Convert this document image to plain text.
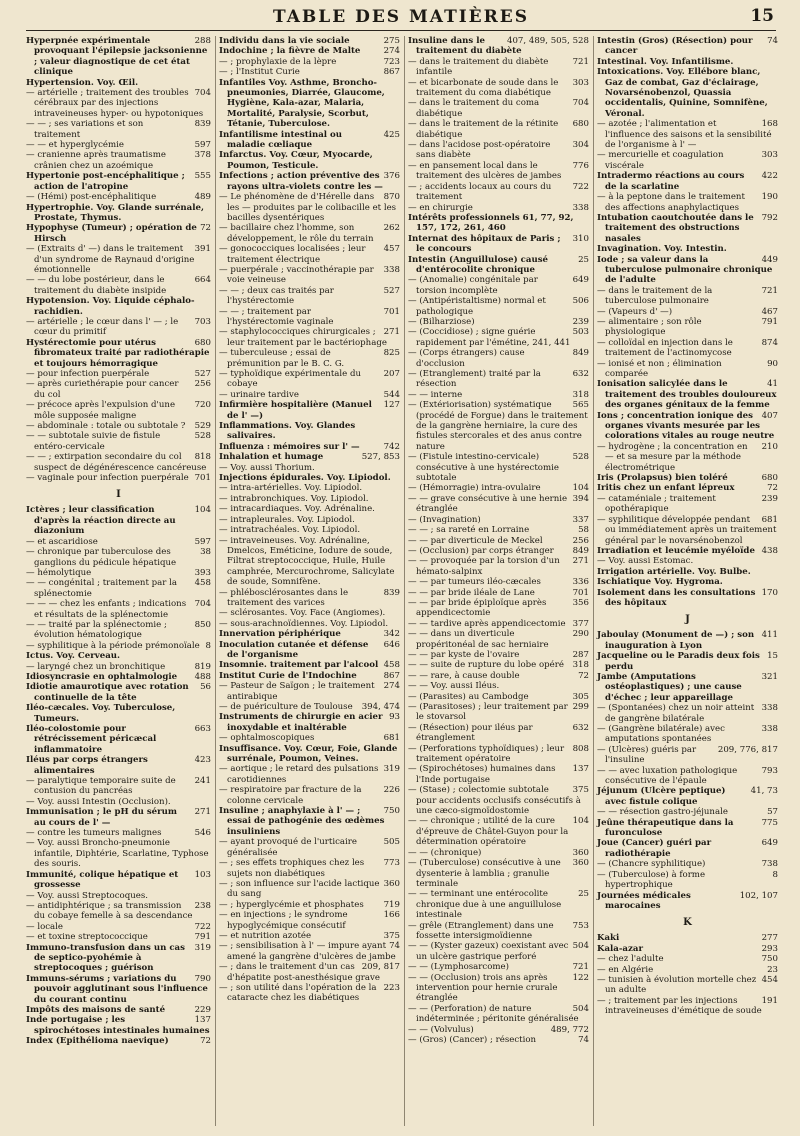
TABLE DES MATIÈRES	15

288
Hyperpnée expérimentale provoquant l'épilepsie jacksonienne ; valeur diagnostique de cet état clinique

Hypertension. Voy. Œil.

704
— artérielle ; traitement des troubles cérébraux par des injections intraveineuses hyper- ou hypotoniques

839
— — ; ses variations et son traitement

597
— — et hyperglycémie

378
— cranienne après traumatisme crânien chez un azoémique

555
Hypertonie post-encéphalitique ; action de l'atropine

489
— (Hémi) post-encéphalitique

Hypertrophie. Voy. Glande surrénale, Prostate, Thymus.

72
Hypophyse (Tumeur) ; opération de Hirsch

391
— (Extraits d' —) dans le traitement d'un syndrome de Raynaud d'origine émotionnelle

664
— — du lobe postérieur, dans le traitement du diabète insipide

Hypotension. Voy. Liquide céphalo-rachidien.

703
— artérielle ; le cœur dans l' — ; le cœur du primitif

680
Hystérectomie pour utérus fibromateux traité par radiothérapie et toujours hémorragique

527
— pour infection puerpérale

256
— après curiethérapie pour cancer du col

720
— précoce après l'expulsion d'une môle supposée maligne

529
— abdominale : totale ou subtotale ?

528
— — subtotale suivie de fistule entéro-cervicale

818
— — ; extirpation secondaire du col suspect de dégénérescence cancéreuse

701
— vaginale pour infection puerpérale

I

104
Ictères ; leur classification d'après la réaction directe au diazonium

597
— et ascaridiose

38
— chronique par tuberculose des ganglions du pédicule hépatique

393
— hémolytique

458
— — congénital ; traitement par la splénectomie

704
— — — chez les enfants ; indications et résultats de la splénectomie

850
— — traité par la splénectomie ; évolution hématologique

8
— syphilitique à la période prémonoïale

Ictus. Voy. Cerveau.

819
— laryngé chez un bronchitique

488
Idiosyncrasie en ophtalmologie

56
Idiotie amaurotique avec rotation continuelle de la tête

Iléo-cæcales. Voy. Tuberculose, Tumeurs.

663
Iléo-colostomie pour rétrécissement péricæcal inflammatoire

423
Iléus par corps étrangers alimentaires

241
— paralytique temporaire suite de contusion du pancréas

— Voy. aussi Intestin (Occlusion).

271
Immunisation ; le pH du sérum au cours de l' —

546
— contre les tumeurs malignes

— Voy. aussi Broncho-pneumonie infantile, Diphtérie, Scarlatine, Typhose des souris.

103
Immunité, colique hépatique et grossesse

— Voy. aussi Streptocoques.

238
— antidiphtérique ; sa transmission du cobaye femelle à sa descendance

722
— locale

791
— et toxine streptococcique

319
Immuno-transfusion dans un cas de septico-pyohémie à streptocoques ; guérison

790
Immuns-sérums ; variations du pouvoir agglutinant sous l'influence du courant continu

229
Impôts des maisons de santé

137
Inde portugaise ; les spirochétoses intestinales humaines

72
Index (Epithélioma naevique)

275
Individu dans la vie sociale

274
Indochine ; la fièvre de Malte

723
— ; prophylaxie de la lèpre

867
— ; l'Institut Curie

Infantiles Voy. Asthme, Broncho-pneumonies, Diarrée, Glaucome, Hygiène, Kala-azar, Malaria, Mortalité, Paralysie, Scorbut, Tétanie, Tuberculose.

425
Infantilisme intestinal ou maladie cœliaque

Infarctus. Voy. Cœur, Myocarde, Poumon, Testicule.

376
Infections ; action préventive des rayons ultra-violets contre les —

870
— Le phénomène de d'Hérelle dans les — produites par le colibacille et les bacilles dysentériques

262
— bacillaire chez l'homme, son développement, le rôle du terrain

457
— gonococciques localisées ; leur traitement électrique

338
— puerpérale ; vaccinothérapie par voie veineuse

527
— — ; deux cas traités par l'hystérectomie

701
— — ; traitement par l'hystérectomie vaginale

271
— staphylococciques chirurgicales ; leur traitement par le bactériophage

825
— tuberculeuse ; essai de prémunition par le B. C. G.

207
— typhoïdique expérimentale du cobaye

544
— urinaire tardive

127
Infirmière hospitalière (Manuel de l' —)

Inflammations. Voy. Glandes salivaires.

742
Influenza : mémoires sur l' —

527, 853
Inhalation et humage

— Voy. aussi Thorium.

Injections épidurales. Voy. Lipiodol.

— intra-artérielles. Voy. Lipiodol.

— intrabronchiques. Voy. Lipiodol.

— intracardiaques. Voy. Adrénaline.

— intrapleurales. Voy. Lipiodol.

— intratrachéales. Voy. Lipiodol.

— intraveineuses. Voy. Adrénaline, Dmelcos, Eméticine, Iodure de soude, Filtrat streptococcique, Huile, Huile camphrée, Mercurochrome, Salicylate de soude, Somnifène.

839
— phlébosclérosantes dans le traitement des varices

— sclérosantes. Voy. Face (Angiomes).

— sous-arachnoïdiennes. Voy. Lipiodol.

342
Innervation périphérique

646
Inoculation cutanée et défense de l'organisme

458
Insomnie. traitement par l'alcool

867
Institut Curie de l'Indochine

274
— Pasteur de Saïgon ; le traitement antirabique

394, 474
— de puériculture de Toulouse

93
Instruments de chirurgie en acier inoxydable et inaltérable

681
— ophtalmoscopiques

Insuffisance. Voy. Cœur, Foie, Glande surrénale, Poumon, Veines.

319
— aortique ; le retard des pulsations carotidiennes

226
— respiratoire par fracture de la colonne cervicale

750
Insuline ; anaphylaxie à l' — ; essai de pathogénie des œdèmes insuliniens

505
— ayant provoqué de l'urticaire généralisée

773
— ; ses effets trophiques chez les sujets non diabétiques

360
— ; son influence sur l'acide lactique du sang

719
— ; hyperglycémie et phosphates

166
— en injections ; le syndrome hypoglycémique consécutif

375
— et nutrition azotée

74
— ; sensibilisation à l' — impure ayant amené la gangrène d'ulcères de jambe

209, 817
— ; dans le traitement d'un cas d'hépatite post-anesthésique grave

223
— ; son utilité dans l'opération de la cataracte chez les diabétiques

407, 489, 505, 528
Insuline dans le traitement du diabète

721
— dans le traitement du diabète infantile

303
— et bicarbonate de soude dans le traitement du coma diabétique

704
— dans le traitement du coma diabétique

680
— dans le traitement de la rétinite diabétique

304
— dans l'acidose post-opératoire sans diabète

776
— en pansement local dans le traitement des ulcères de jambes

722
— ; accidents locaux au cours du traitement

338
— en chirurgie

Intérêts professionnels 61, 77, 92, 157, 172, 261, 460

310
Internat des hôpitaux de Paris ; le concours

25
Intestin (Anguillulose) causé d'entérocolite chronique

649
— (Anomalie) congénitale par torsion incomplète

506
— (Antipéristaltisme) normal et pathologique

239
— (Bilharziose)

503
— (Coccidiose) ; signe guérie rapidement par l'émétine, 241, 441

849
— (Corps étrangers) cause d'occlusion

632
— (Etranglement) traité par la résection

318
— — interne

565
— (Extériorisation) systématique (procédé de Forgue) dans le traitement de la gangrène herniaire, la cure des fistules stercorales et des anus contre nature

528
— (Fistule intestino-cervicale) consécutive à une hystérectomie subtotale

104
— (Hémorragie) intra-ovulaire

394
— — grave consécutive à une hernie étranglée

337
— (Invagination)

58
— — ; sa rareté en Lorraine

256
— — par diverticule de Meckel

849
— (Occlusion) par corps étranger

271
— — provoquée par la torsion d'un hémato-salpinx

336
— — par tumeurs iléo-cæcales

701
— — par bride iléale de Lane

356
— — par bride épiploïque après appendicectomie

377
— — tardive après appendicectomie

290
— — dans un diverticule propéritonéal de sac herniaire

287
— — par kyste de l'ovaire

318
— — suite de rupture du lobe opéré

72
— — rare, à cause double

— — Voy. aussi Iléus.

305
— (Parasites) au Cambodge

299
— (Parasitoses) ; leur traitement par le stovarsol

632
— (Résection) pour iléus par étranglement

808
— (Perforations typhoïdiques) ; leur traitement opératoire

137
— (Spirochétoses) humaines dans l'Inde portugaise

375
— (Stase) ; colectomie subtotale pour accidents occlusifs consécutifs à une cæco-sigmoïdostomie

104
— — chronique ; utilité de la cure d'épreuve de Châtel-Guyon pour la détermination opératoire

360
— — (chronique)

360
— (Tuberculose) consécutive à une dysenterie à lamblia ; granulie terminale

25
— — terminant une entérocolite chronique due à une anguillulose intestinale

753
— grêle (Etranglement) dans une fossette intersigmoïdienne

504
— — (Kyster gazeux) coexistant avec un ulcère gastrique perforé

721
— — (Lymphosarcome)

122
— — (Occlusion) trois ans après intervention pour hernie crurale étranglée

504
— — (Perforation) de nature indéterminée ; péritonite généralisée

489, 772
— — (Volvulus)

74
— (Gros) (Cancer) ; résection

74
Intestin (Gros) (Résection) pour cancer

Intestinal. Voy. Infantilisme.

Intoxications. Voy. Ellébore blanc, Gaz de combat, Gaz d'éclairage, Novarsénobenzol, Quassia occidentalis, Quinine, Somnifène, Véronal.

168
— azotée ; l'alimentation et l'influence des saisons et la sensibilité de l'organisme à l' —

303
— mercurielle et coagulation viscérale

422
Intradermo réactions au cours de la scarlatine

190
— à la peptone dans le traitement des affections anaphylactiques

792
Intubation caoutchoutée dans le traitement des obstructions nasales

Invagination. Voy. Intestin.

449
Iode ; sa valeur dans la tuberculose pulmonaire chronique de l'adulte

721
— dans le traitement de la tuberculose pulmonaire

467
— (Vapeurs d' —)

791
— alimentaire ; son rôle physiologique

874
— colloïdal en injection dans le traitement de l'actinomycose

90
— ionisé et non ; élimination comparée

41
Ionisation salicylée dans le traitement des troubles douloureux des organes génitaux de la femme

407
Ions ; concentration ionique des organes vivants mesurée par les colorations vitales au rouge neutre

210
— hydrogène ; la concentration en — et sa mesure par la méthode électrométrique

680
Iris (Prolapsus) bien toléré

72
Iritis chez un enfant lépreux

239
— cataméniale ; traitement opothérapique

681
— syphilitique développée pendant ou immédiatement après un traitement général par le novarsénobenzol

438
Irradiation et leucémie myéloïde

— Voy. aussi Estomac.

Irrigation artérielle. Voy. Bulbe.

Ischiatique Voy. Hygroma.

170
Isolement dans les consultations des hôpitaux

J

411
Jaboulay (Monument de —) ; son inauguration à Lyon

15
Jacqueline ou le Paradis deux fois perdu

321
Jambe (Amputations ostéoplastiques) ; une cause d'échec ; leur appareillage

338
— (Spontanées) chez un noir atteint de gangrène bilatérale

338
— (Gangrène bilatérale) avec amputations spontanées

209, 776, 817
— (Ulcères) guéris par l'insuline

793
— — avec luxation pathologique consécutive de l'épaule

41, 73
Jéjunum (Ulcère peptique) avec fistule colique

57
— — résection gastro-jéjunale

775
Jeûne thérapeutique dans la furonculose

649
Joue (Cancer) guéri par radiothérapie

738
— (Chancre syphilitique)

8
— (Tuberculose) à forme hypertrophique

102, 107
Journées médicales marocaines

K

277
Kaki

293
Kala-azar

750
— chez l'adulte

23
— en Algérie

454
— tunisien à évolution mortelle chez un adulte

191
— ; traitement par les injections intraveineuses d'émétique de soude
